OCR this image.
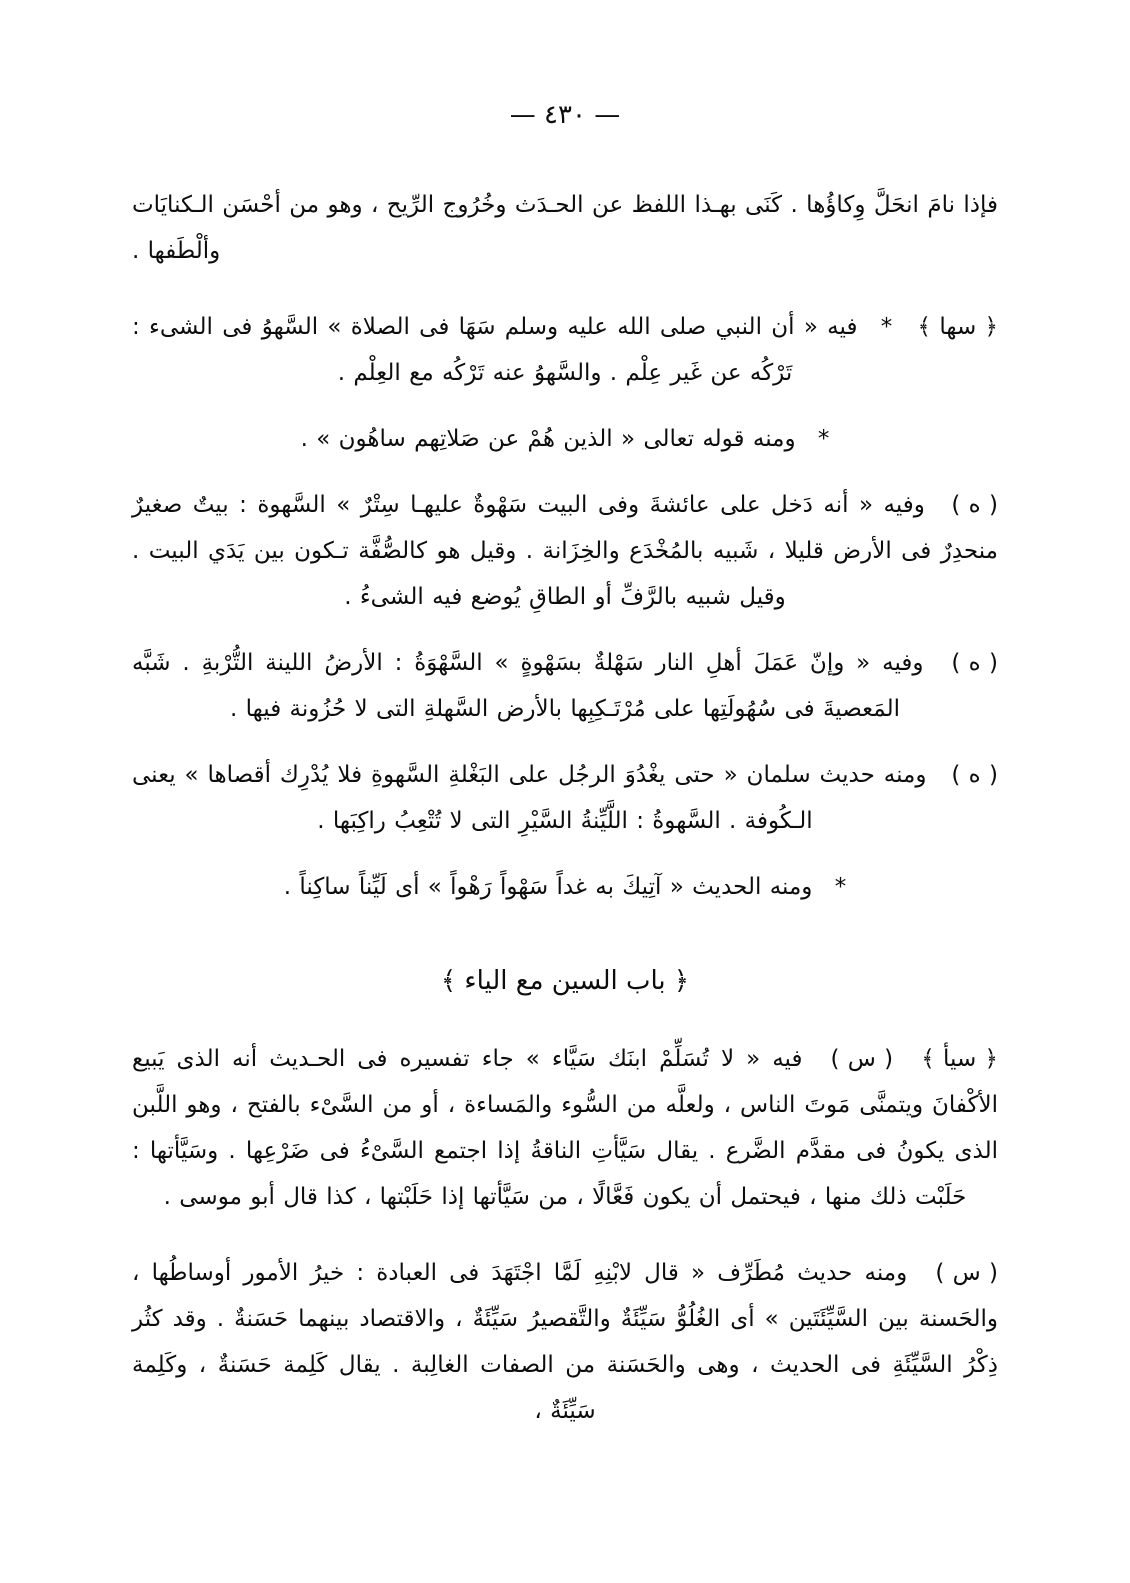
— ٤٣٠ —
فإذا نامَ انحَلَّ وِكاؤُها . كَنَى بهـذا اللفظ عن الحـدَث وخُرُوج الرِّيح ، وهو من أحْسَن الـكنايَات وألْطَفها .
﴿ سها ﴾ * فيه « أن النبي صلى الله عليه وسلم سَهَا فى الصلاة » السَّهوُ فى الشىء : تَرْكُه عن غَير عِلْم . والسَّهوُ عنه تَرْكُه مع العِلْم .
* ومنه قوله تعالى « الذين هُمْ عن صَلاتِهم ساهُون » .
( ه ) وفيه « أنه دَخل على عائشةَ وفى البيت سَهْوةٌ عليهـا سِتْرٌ » السَّهوة : بيتٌ صغيرٌ منحدِرٌ فى الأرض قليلا ، شَبيه بالمُخْدَع والخِزَانة . وقيل هو كالصُّفَّة تـكون بين يَدَي البيت . وقيل شبيه بالرَّفِّ أو الطاقِ يُوضع فيه الشىءُ .
( ه ) وفيه « وإنّ عَمَلَ أهلِ النار سَهْلةٌ بسَهْوةٍ » السَّهْوَةُ : الأرضُ اللينة التُّرْبةِ . شَبَّه المَعصيةَ فى سُهُولَتِها على مُرْتَـكِبِها بالأرض السَّهلةِ التى لا حُزُونة فيها .
( ه ) ومنه حديث سلمان « حتى يغْدُوَ الرجُل على البَغْلةِ السَّهوةِ فلا يُدْرِك أقصاها » يعنى الـكُوفة . السَّهوةُ : اللَّيِّنةُ السَّيْرِ التى لا تُتْعِبُ راكِبَها .
* ومنه الحديث « آتِيكَ به غداً سَهْواً رَهْواً » أى لَيِّناً ساكِناً .
﴿ باب السين مع الياء ﴾
﴿ سيأ ﴾ ( س ) فيه « لا تُسَلِّمْ ابنَك سَيَّاء » جاء تفسيره فى الحـديث أنه الذى يَبيع الأكْفانَ ويتمنَّى مَوتَ الناس ، ولعلَّه من السُّوء والمَساءة ، أو من السَّىْء بالفتح ، وهو اللَّبن الذى يكونُ فى مقدَّم الضَّرع . يقال سَيَّأتِ الناقةُ إذا اجتمع السَّىْءُ فى ضَرْعِها . وسَيَّأتها : حَلَبْت ذلك منها ، فيحتمل أن يكون فَعَّالًا ، من سَيَّأتها إذا حَلَبْتها ، كذا قال أبو موسى .
( س ) ومنه حديث مُطَرِّف « قال لابْنِهِ لَمَّا اجْتَهَدَ فى العبادة : خيرُ الأمور أوساطُها ، والحَسنة بين السَّيِّئَتَين » أى الغُلُوُّ سَيِّئَةٌ والتَّقصيرُ سَيِّئَةٌ ، والاقتصاد بينهما حَسَنةٌ . وقد كثُر ذِكْرُ السَّيِّئَةِ فى الحديث ، وهى والحَسَنة من الصفات الغالِبة . يقال كَلِمة حَسَنةٌ ، وكَلِمة سَيِّئَةٌ ،
